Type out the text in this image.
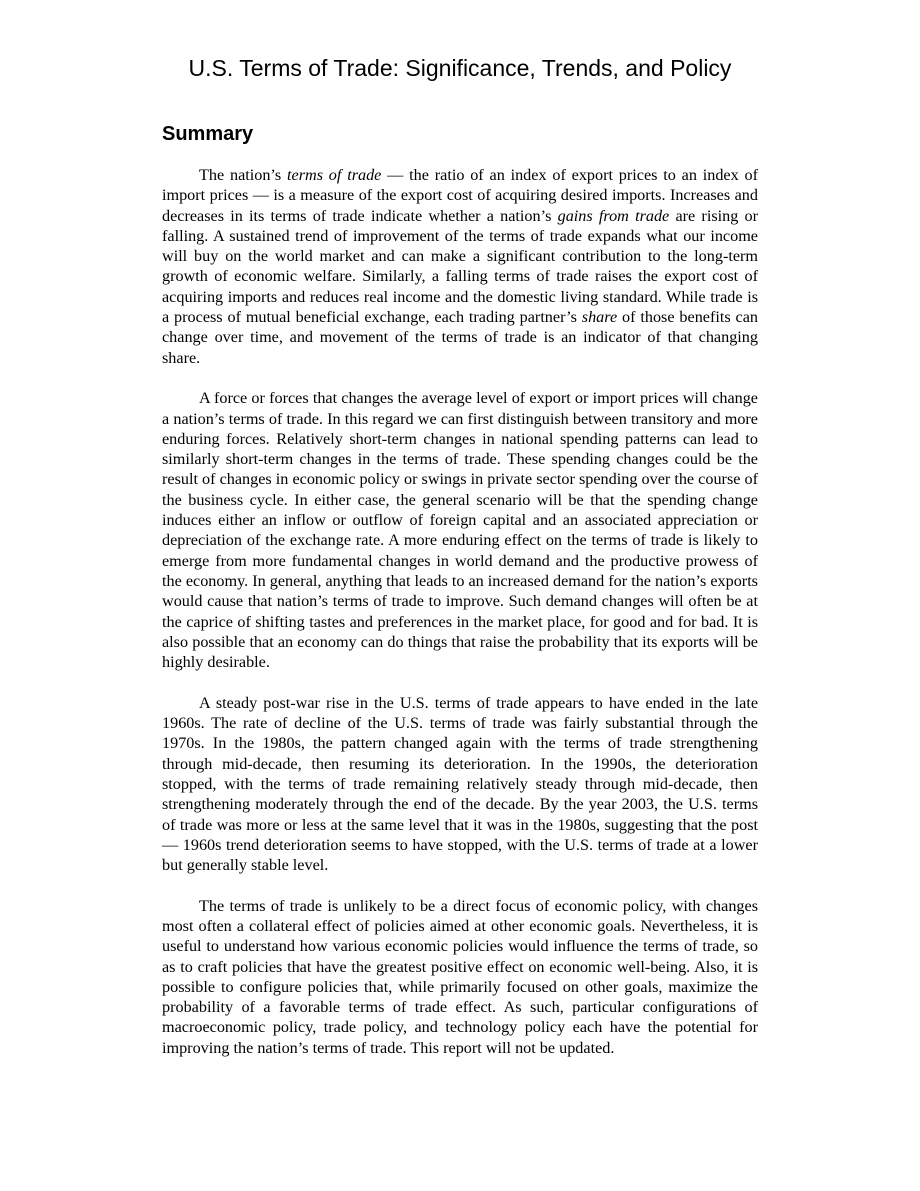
U.S. Terms of Trade: Significance, Trends, and Policy
Summary

The nation’s terms of trade — the ratio of an index of export prices to an index of import prices — is a measure of the export cost of acquiring desired imports. Increases and decreases in its terms of trade indicate whether a nation’s gains from trade are rising or falling. A sustained trend of improvement of the terms of trade expands what our income will buy on the world market and can make a significant contribution to the long-term growth of economic welfare. Similarly, a falling terms of trade raises the export cost of acquiring imports and reduces real income and the domestic living standard. While trade is a process of mutual beneficial exchange, each trading partner’s share of those benefits can change over time, and movement of the terms of trade is an indicator of that changing share.

A force or forces that changes the average level of export or import prices will change a nation’s terms of trade. In this regard we can first distinguish between transitory and more enduring forces. Relatively short-term changes in national spending patterns can lead to similarly short-term changes in the terms of trade. These spending changes could be the result of changes in economic policy or swings in private sector spending over the course of the business cycle. In either case, the general scenario will be that the spending change induces either an inflow or outflow of foreign capital and an associated appreciation or depreciation of the exchange rate. A more enduring effect on the terms of trade is likely to emerge from more fundamental changes in world demand and the productive prowess of the economy. In general, anything that leads to an increased demand for the nation’s exports would cause that nation’s terms of trade to improve. Such demand changes will often be at the caprice of shifting tastes and preferences in the market place, for good and for bad. It is also possible that an economy can do things that raise the probability that its exports will be highly desirable.

A steady post-war rise in the U.S. terms of trade appears to have ended in the late 1960s. The rate of decline of the U.S. terms of trade was fairly substantial through the 1970s. In the 1980s, the pattern changed again with the terms of trade strengthening through mid-decade, then resuming its deterioration. In the 1990s, the deterioration stopped, with the terms of trade remaining relatively steady through mid-decade, then strengthening moderately through the end of the decade. By the year 2003, the U.S. terms of trade was more or less at the same level that it was in the 1980s, suggesting that the post — 1960s trend deterioration seems to have stopped, with the U.S. terms of trade at a lower but generally stable level.

The terms of trade is unlikely to be a direct focus of economic policy, with changes most often a collateral effect of policies aimed at other economic goals. Nevertheless, it is useful to understand how various economic policies would influence the terms of trade, so as to craft policies that have the greatest positive effect on economic well-being. Also, it is possible to configure policies that, while primarily focused on other goals, maximize the probability of a favorable terms of trade effect. As such, particular configurations of macroeconomic policy, trade policy, and technology policy each have the potential for improving the nation’s terms of trade. This report will not be updated.
